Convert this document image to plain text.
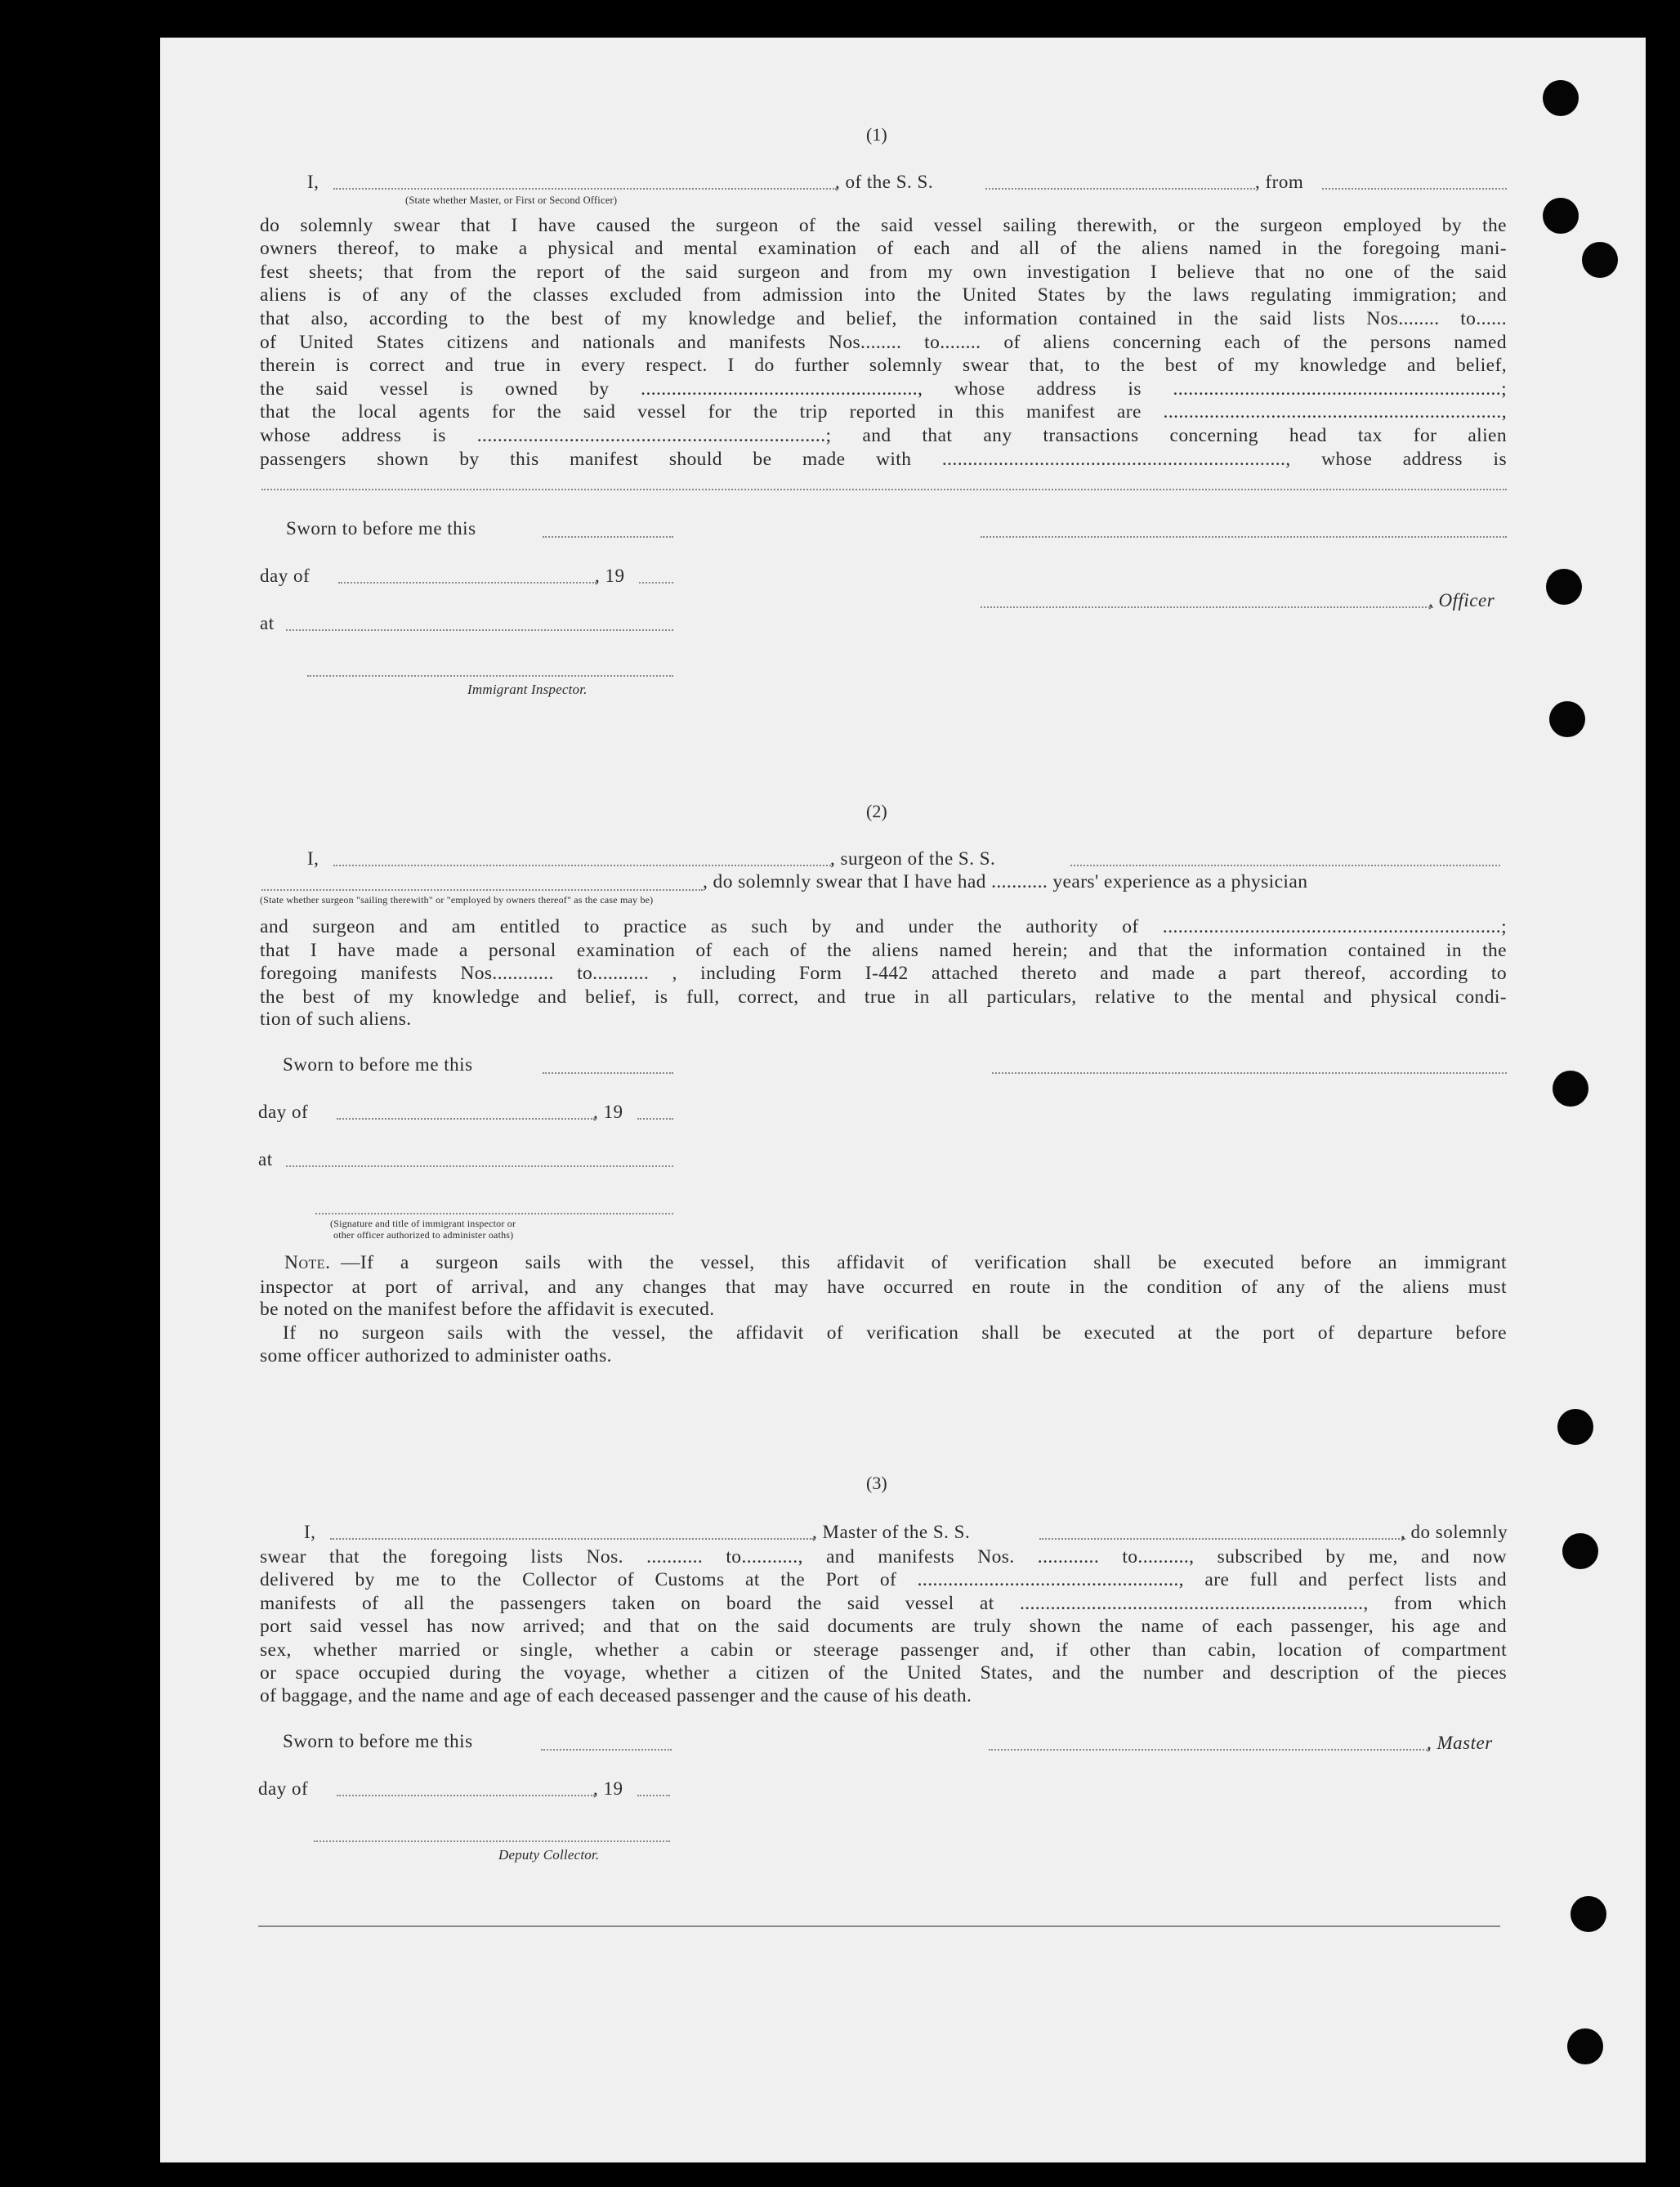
(1)
I,	, of the S. S.	, from
(State whether Master, or First or Second Officer)
do solemnly swear that I have caused the surgeon of the said vessel sailing therewith, or the surgeon employed by the
owners thereof, to make a physical and mental examination of each and all of the aliens named in the foregoing mani-
fest sheets; that from the report of the said surgeon and from my own investigation I believe that no one of the said
aliens is of any of the classes excluded from admission into the United States by the laws regulating immigration; and
that also, according to the best of my knowledge and belief, the information contained in the said lists Nos........ to......
of United States citizens and nationals and manifests Nos........ to........ of aliens concerning each of the persons named
therein is correct and true in every respect. I do further solemnly swear that, to the best of my knowledge and belief,
the said vessel is owned by ......................................................, whose address is ................................................................;
that the local agents for the said vessel for the trip reported in this manifest are ..................................................................,
whose address is ....................................................................; and that any transactions concerning head tax for alien
passengers shown by this manifest should be made with ..................................................................., whose address is
Sworn to before me this
day of	, 19
, Officer
at
Immigrant Inspector.
(2)
I,	, surgeon of the S. S.
, do solemnly swear that I have had ........... years' experience as a physician
(State whether surgeon "sailing therewith" or "employed by owners thereof" as the case may be)
and surgeon and am entitled to practice as such by and under the authority of ..................................................................;
that I have made a personal examination of each of the aliens named herein; and that the information contained in the
foregoing manifests Nos............ to........... , including Form I-442 attached thereto and made a part thereof, according to
the best of my knowledge and belief, is full, correct, and true in all particulars, relative to the mental and physical condi-
tion of such aliens.
Sworn to before me this
day of	, 19
at
(Signature and title of immigrant inspector or
other officer authorized to administer oaths)
Note. —If a surgeon sails with the vessel, this affidavit of verification shall be executed before an immigrant
inspector at port of arrival, and any changes that may have occurred en route in the condition of any of the aliens must
be noted on the manifest before the affidavit is executed.
If no surgeon sails with the vessel, the affidavit of verification shall be executed at the port of departure before
some officer authorized to administer oaths.
(3)
I,	, Master of the S. S.	, do solemnly
swear that the foregoing lists Nos. ........... to..........., and manifests Nos. ............ to.........., subscribed by me, and now
delivered by me to the Collector of Customs at the Port of ..................................................., are full and perfect lists and
manifests of all the passengers taken on board the said vessel at ..................................................................., from which
port said vessel has now arrived; and that on the said documents are truly shown the name of each passenger, his age and
sex, whether married or single, whether a cabin or steerage passenger and, if other than cabin, location of compartment
or space occupied during the voyage, whether a citizen of the United States, and the number and description of the pieces
of baggage, and the name and age of each deceased passenger and the cause of his death.
Sworn to before me this	, Master
day of	, 19
Deputy Collector.
